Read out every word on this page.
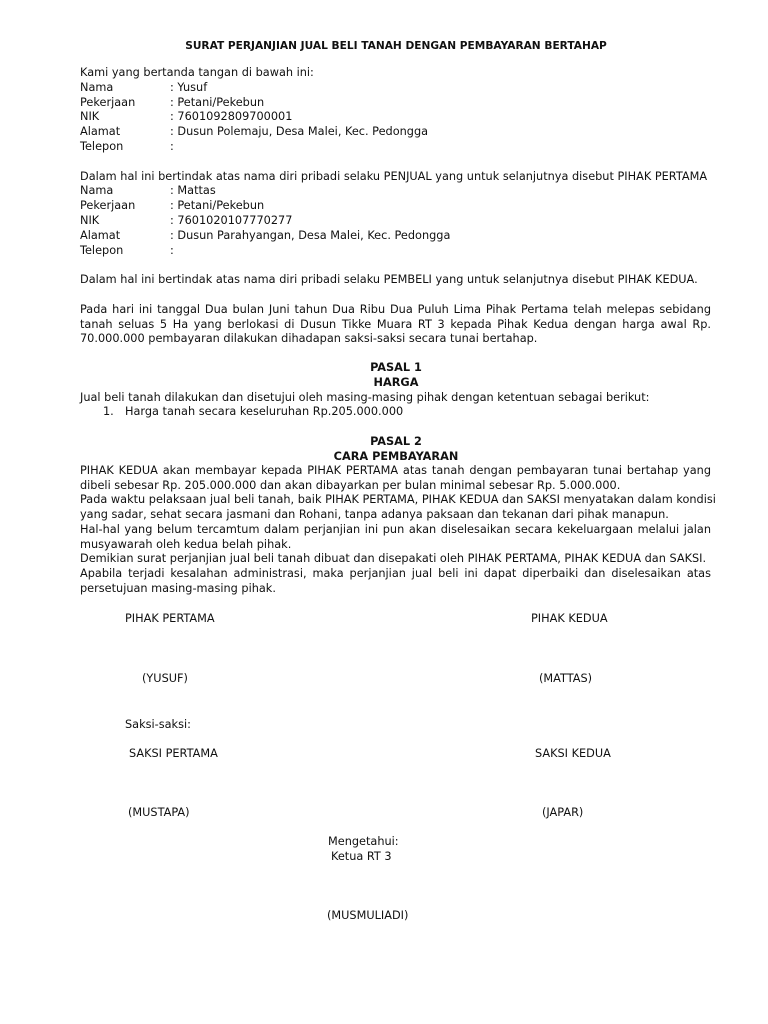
SURAT PERJANJIAN JUAL BELI TANAH DENGAN PEMBAYARAN BERTAHAP
Kami yang bertanda tangan di bawah ini:
Nama	: Yusuf
Pekerjaan	: Petani/Pekebun
NIK	: 7601092809700001
Alamat	: Dusun Polemaju, Desa Malei, Kec. Pedongga
Telepon	:
Dalam hal ini bertindak atas nama diri pribadi selaku PENJUAL yang untuk selanjutnya disebut PIHAK PERTAMA
Nama	: Mattas
Pekerjaan	: Petani/Pekebun
NIK	: 7601020107770277
Alamat	: Dusun Parahyangan, Desa Malei, Kec. Pedongga
Telepon	:
Dalam hal ini bertindak atas nama diri pribadi selaku PEMBELI yang untuk selanjutnya disebut PIHAK KEDUA.
Pada hari ini tanggal Dua bulan Juni tahun Dua Ribu Dua Puluh Lima Pihak Pertama telah melepas sebidang
tanah seluas 5 Ha yang berlokasi di Dusun Tikke Muara RT 3 kepada Pihak Kedua dengan harga awal Rp.
70.000.000 pembayaran dilakukan dihadapan saksi-saksi secara tunai bertahap.
PASAL 1
HARGA
Jual beli tanah dilakukan dan disetujui oleh masing-masing pihak dengan ketentuan sebagai berikut:
1. Harga tanah secara keseluruhan Rp.205.000.000
PASAL 2
CARA PEMBAYARAN
PIHAK KEDUA akan membayar kepada PIHAK PERTAMA atas tanah dengan pembayaran tunai bertahap yang
dibeli sebesar Rp. 205.000.000 dan akan dibayarkan per bulan minimal sebesar Rp. 5.000.000.
Pada waktu pelaksaan jual beli tanah, baik PIHAK PERTAMA, PIHAK KEDUA dan SAKSI menyatakan dalam kondisi
yang sadar, sehat secara jasmani dan Rohani, tanpa adanya paksaan dan tekanan dari pihak manapun.
Hal-hal yang belum tercamtum dalam perjanjian ini pun akan diselesaikan secara kekeluargaan melalui jalan
musyawarah oleh kedua belah pihak.
Demikian surat perjanjian jual beli tanah dibuat dan disepakati oleh PIHAK PERTAMA, PIHAK KEDUA dan SAKSI.
Apabila terjadi kesalahan administrasi, maka perjanjian jual beli ini dapat diperbaiki dan diselesaikan atas
persetujuan masing-masing pihak.
PIHAK PERTAMA	PIHAK KEDUA
(YUSUF)	(MATTAS)
Saksi-saksi:
SAKSI PERTAMA	SAKSI KEDUA
(MUSTAPA)	(JAPAR)
Mengetahui:
Ketua RT 3
(MUSMULIADI)
